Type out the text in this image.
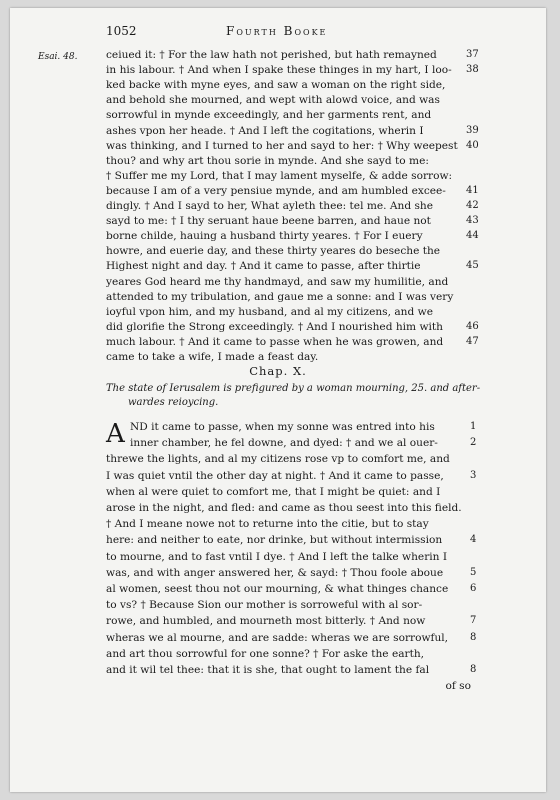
1052	Fourth Booke
Esai. 48.	ceiued it: † For the law hath not perished, but hath remayned
in his labour. † And when I spake these thinges in my hart, I loo-
ked backe with myne eyes, and saw a woman on the right side,
and behold she mourned, and wept with alowd voice, and was
sorrowful in mynde exceedingly, and her garments rent, and
ashes vpon her heade. † And I left the cogitations, wherin I
was thinking, and I turned to her and sayd to her: † Why weepest
thou? and why art thou sorie in mynde. And she sayd to me:
† Suffer me my Lord, that I may lament myselfe, & adde sorrow:
because I am of a very pensiue mynde, and am humbled excee-
dingly. † And I sayd to her, What ayleth thee: tel me. And she
sayd to me: † I thy seruant haue beene barren, and haue not
borne childe, hauing a husband thirty yeares. † For I euery
howre, and euerie day, and these thirty yeares do beseche the
Highest night and day. † And it came to passe, after thirtie
yeares God heard me thy handmayd, and saw my humilitie, and
attended to my tribulation, and gaue me a sonne: and I was very
ioyful vpon him, and my husband, and al my citizens, and we
did glorifie the Strong exceedingly. † And I nourished him with
much labour. † And it came to passe when he was growen, and
came to take a wife, I made a feast day.
37
38
39
40
41
42
43
44
45
46
47
Chap. X.
The state of Ierusalem is prefigured by a woman mourning, 25. and after-
wardes reioycing.
ND it came to passe, when my sonne was entred into his
inner chamber, he fel downe, and dyed: † and we al ouer-
threwe the lights, and al my citizens rose vp to comfort me, and
I was quiet vntil the other day at night. † And it came to passe,
when al were quiet to comfort me, that I might be quiet: and I
arose in the night, and fled: and came as thou seest into this field.
† And I meane nowe not to returne into the citie, but to stay
here: and neither to eate, nor drinke, but without intermission
to mourne, and to fast vntil I dye. † And I left the talke wherin I
was, and with anger answered her, & sayd: † Thou foole aboue
al women, seest thou not our mourning, & what thinges chance
to vs? † Because Sion our mother is sorroweful with al sor-
rowe, and humbled, and mourneth most bitterly. † And now
wheras we al mourne, and are sadde: wheras we are sorrowful,
and art thou sorrowful for one sonne? † For aske the earth,
and it wil tel thee: that it is she, that ought to lament the fal
of so
A	1
2
3
4
5
6
7
8
8
